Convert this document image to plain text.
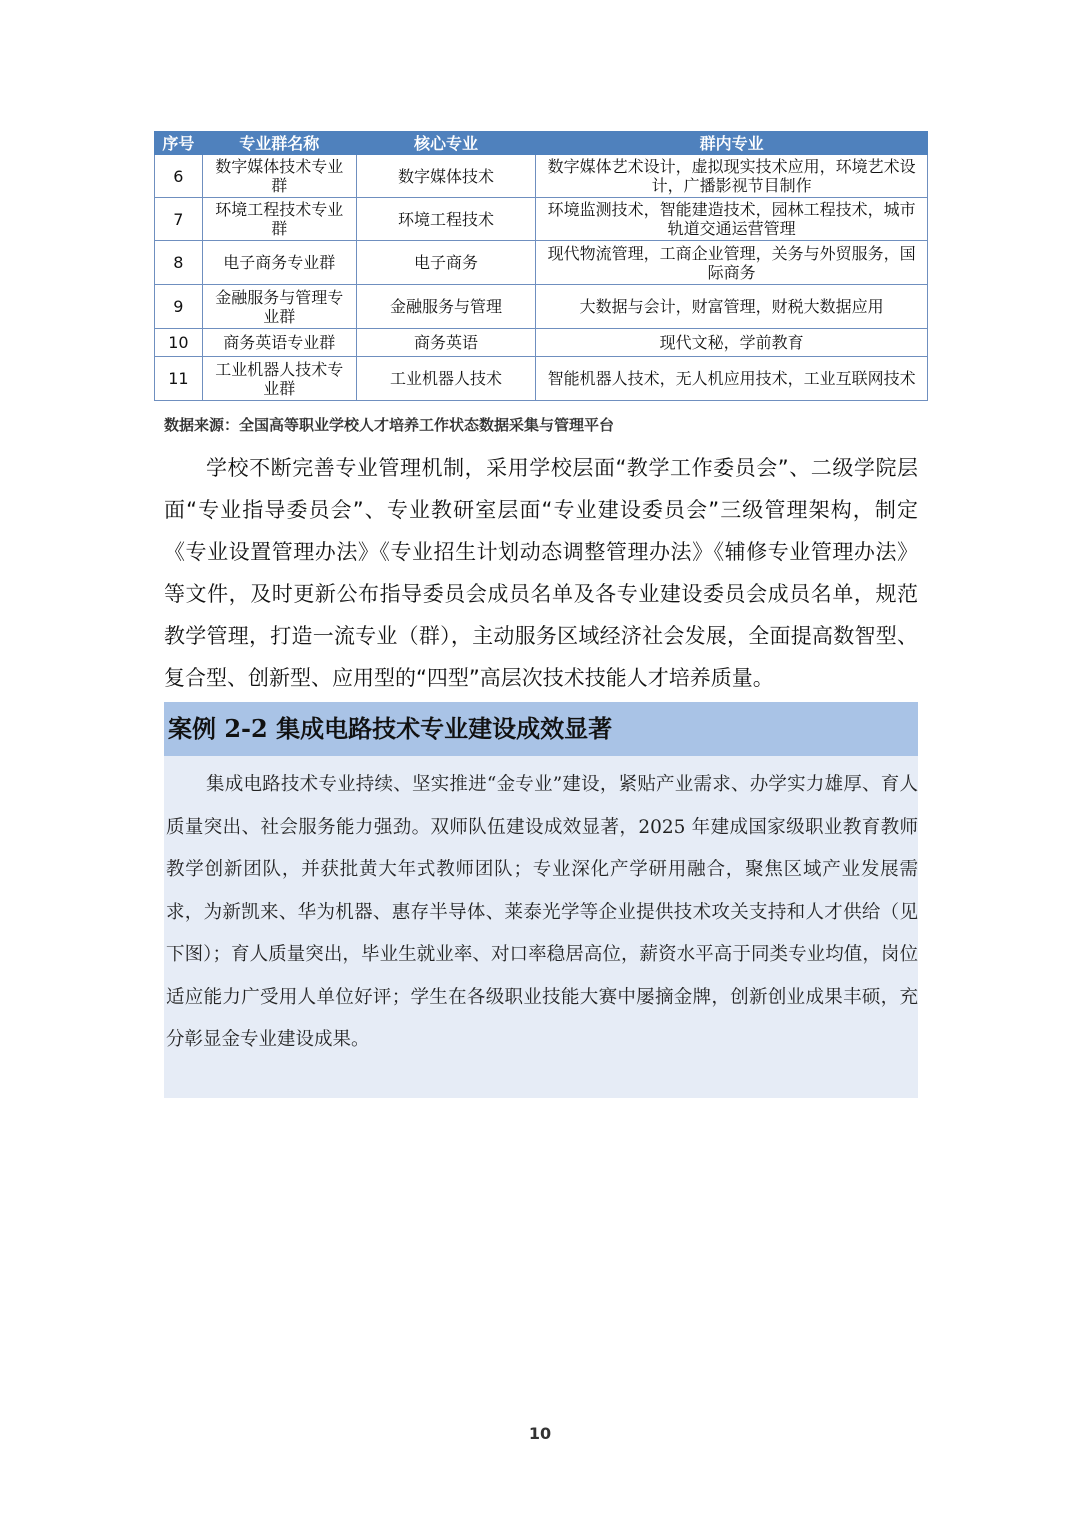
序号	专业群名称	核心专业	群内专业
6	数字媒体技术专业群	数字媒体技术	数字媒体艺术设计，虚拟现实技术应用，环境艺术设计，广播影视节目制作
7	环境工程技术专业群	环境工程技术	环境监测技术，智能建造技术，园林工程技术，城市轨道交通运营管理
8	电子商务专业群	电子商务	现代物流管理，工商企业管理，关务与外贸服务，国际商务
9	金融服务与管理专业群	金融服务与管理	大数据与会计，财富管理，财税大数据应用
10	商务英语专业群	商务英语	现代文秘，学前教育
11	工业机器人技术专业群	工业机器人技术	智能机器人技术，无人机应用技术，工业互联网技术
数据来源：全国高等职业学校人才培养工作状态数据采集与管理平台

学校不断完善专业管理机制，采用学校层面“教学工作委员会”、二级学院层面“专业指导委员会”、专业教研室层面“专业建设委员会”三级管理架构，制定《专业设置管理办法》《专业招生计划动态调整管理办法》《辅修专业管理办法》等文件，及时更新公布指导委员会成员名单及各专业建设委员会成员名单，规范教学管理，打造一流专业（群），主动服务区域经济社会发展，全面提高数智型、复合型、创新型、应用型的“四型”高层次技术技能人才培养质量。

案例 2-2 集成电路技术专业建设成效显著

集成电路技术专业持续、坚实推进“金专业”建设，紧贴产业需求、办学实力雄厚、育人质量突出、社会服务能力强劲。双师队伍建设成效显著，2025 年建成国家级职业教育教师教学创新团队，并获批黄大年式教师团队；专业深化产学研用融合，聚焦区域产业发展需求，为新凯来、华为机器、惠存半导体、莱泰光学等企业提供技术攻关支持和人才供给（见下图）；育人质量突出，毕业生就业率、对口率稳居高位，薪资水平高于同类专业均值，岗位适应能力广受用人单位好评；学生在各级职业技能大赛中屡摘金牌，创新创业成果丰硕，充分彰显金专业建设成果。

10
